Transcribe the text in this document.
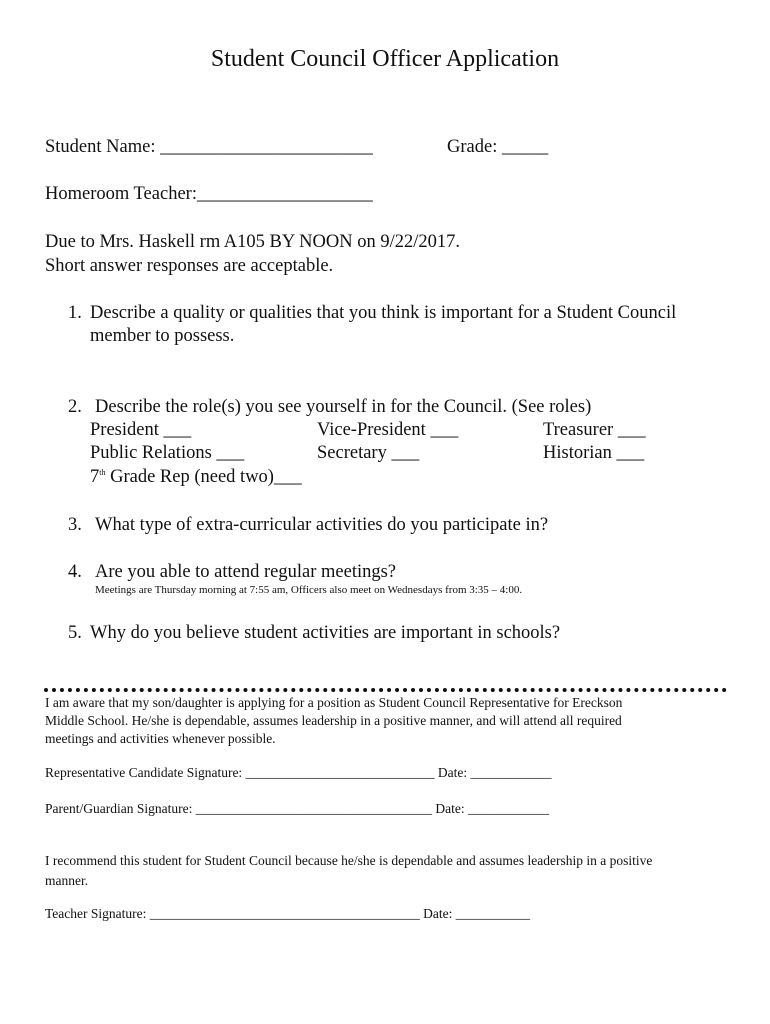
Student Council Officer Application
Student Name: _______________________	Grade: _____
Homeroom Teacher:___________________
Due to Mrs. Haskell rm A105 BY NOON on 9/22/2017.
Short answer responses are acceptable.
1. Describe a quality or qualities that you think is important for a Student Council
member to possess.
2. Describe the role(s) you see yourself in for the Council. (See roles)
President ___	Vice-President ___	Treasurer ___
Public Relations ___	Secretary ___	Historian ___
7th Grade Rep (need two)___
3. What type of extra-curricular activities do you participate in?
4. Are you able to attend regular meetings?
Meetings are Thursday morning at 7:55 am, Officers also meet on Wednesdays from 3:35 – 4:00.
5. Why do you believe student activities are important in schools?
I am aware that my son/daughter is applying for a position as Student Council Representative for Ereckson
Middle School. He/she is dependable, assumes leadership in a positive manner, and will attend all required
meetings and activities whenever possible.
Representative Candidate Signature: ____________________________ Date: ____________
Parent/Guardian Signature: ___________________________________ Date: ____________
I recommend this student for Student Council because he/she is dependable and assumes leadership in a positive
manner.
Teacher Signature: ________________________________________ Date: ___________
